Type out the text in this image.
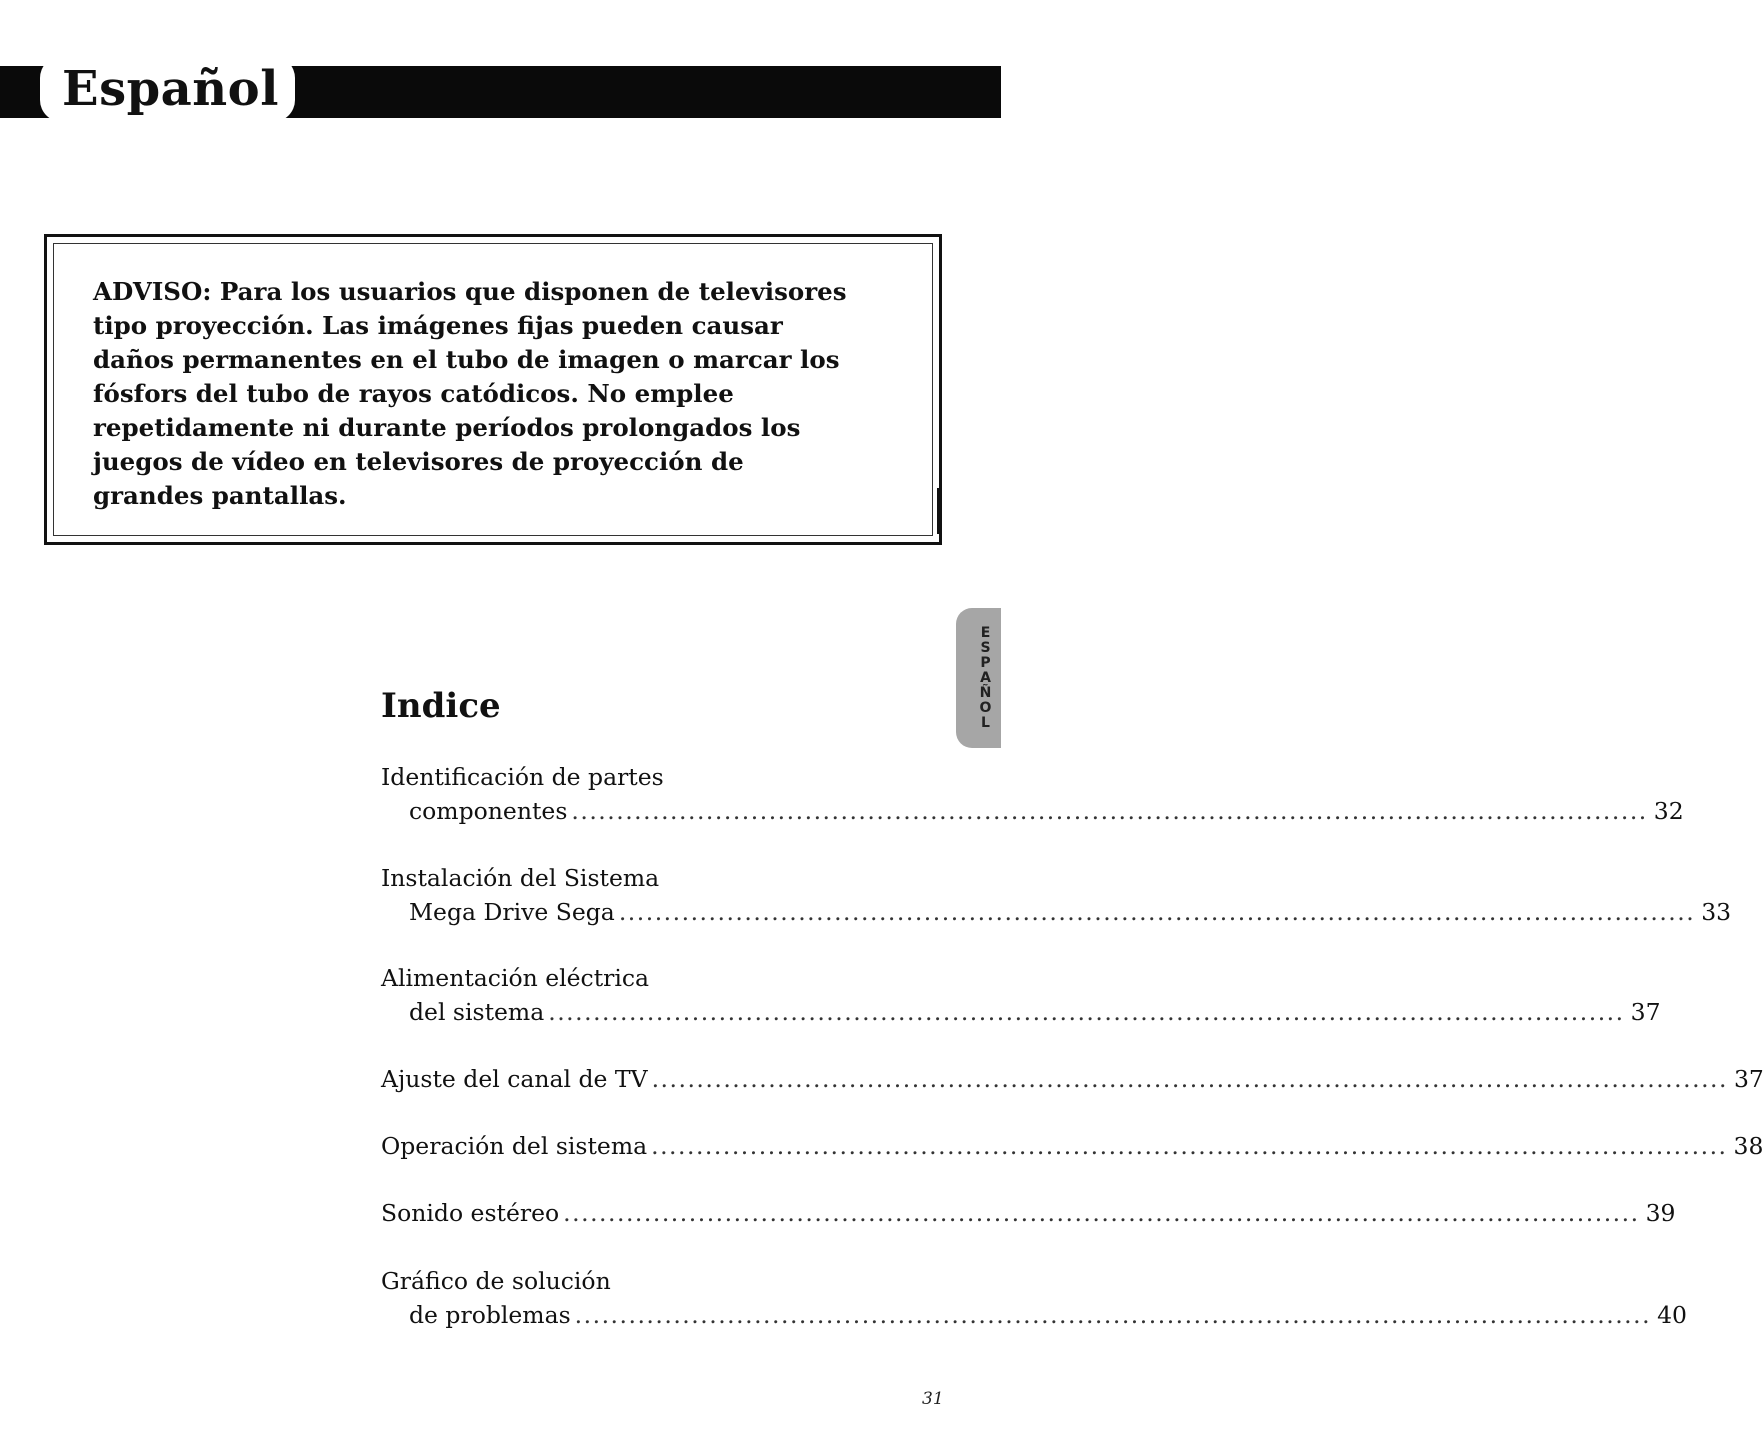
Español
ADVISO: Para los usuarios que disponen de televisores
tipo proyección. Las imágenes fijas pueden causar
daños permanentes en el tubo de imagen o marcar los
fósfors del tubo de rayos catódicos. No emplee
repetidamente ni durante períodos prolongados los
juegos de vídeo en televisores de proyección de
grandes pantallas.
E
S
P
A
Ñ
O
L
Indice
Identificación de partes
componentes ........................................................................................................................ 32
Instalación del Sistema
Mega Drive Sega ........................................................................................................................ 33
Alimentación eléctrica
del sistema ........................................................................................................................ 37
Ajuste del canal de TV ........................................................................................................................ 37
Operación del sistema ........................................................................................................................ 38
Sonido estéreo ........................................................................................................................ 39
Gráfico de solución
de problemas ........................................................................................................................ 40
31
